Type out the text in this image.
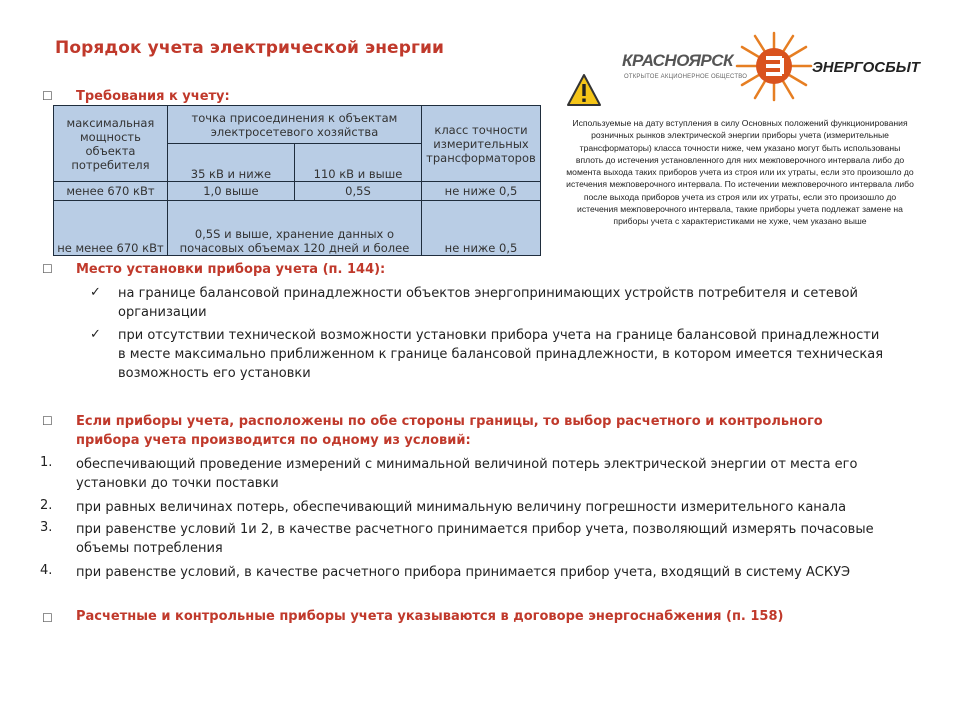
Порядок учета электрической энергии
КРАСНОЯРСК
ОТКРЫТОЕ АКЦИОНЕРНОЕ ОБЩЕСТВО
ЭНЕРГОСБЫТ
Используемые на дату вступления в силу Основных положений функционирования розничных рынков электрической энергии приборы учета (измерительные трансформаторы) класса точности ниже, чем указано могут быть использованы вплоть до истечения установленного для них межповерочного интервала либо до момента выхода таких приборов учета из строя или их утраты, если это произошло до истечения межповерочного интервала. По истечении межповерочного интервала либо после выхода приборов учета из строя или их утраты, если это произошло до истечения межповерочного интервала, такие приборы учета подлежат замене на приборы учета с характеристиками не хуже, чем указано выше
☐ Требования к учету:
максимальная мощность объекта потребителя	точка присоединения к объектам электросетевого хозяйства		класс точности измерительных трансформаторов
	35 кВ и ниже	110 кВ и выше	
менее 670 кВт	1,0 выше	0,5S	не ниже 0,5
не менее 670 кВт	0,5S и выше, хранение данных о почасовых объемах 120 дней и более		не ниже 0,5
☐ Место установки прибора учета (п. 144):
✓ на границе балансовой принадлежности объектов энергопринимающих устройств потребителя и сетевой организации
✓ при отсутствии технической возможности установки прибора учета на границе балансовой принадлежности в месте максимально приближенном к границе балансовой принадлежности, в котором имеется техническая возможность его установки
☐ Если приборы учета, расположены по обе стороны границы, то выбор расчетного и контрольного прибора учета производится по одному из условий:
1. обеспечивающий проведение измерений с минимальной величиной потерь электрической энергии от места его установки до точки поставки
2. при равных величинах потерь, обеспечивающий минимальную величину погрешности измерительного канала
3. при равенстве условий 1и 2, в качестве расчетного принимается прибор учета, позволяющий измерять почасовые объемы потребления
4. при равенстве условий, в качестве расчетного прибора принимается прибор учета, входящий в систему АСКУЭ
☐ Расчетные и контрольные приборы учета указываются в договоре энергоснабжения (п. 158)
